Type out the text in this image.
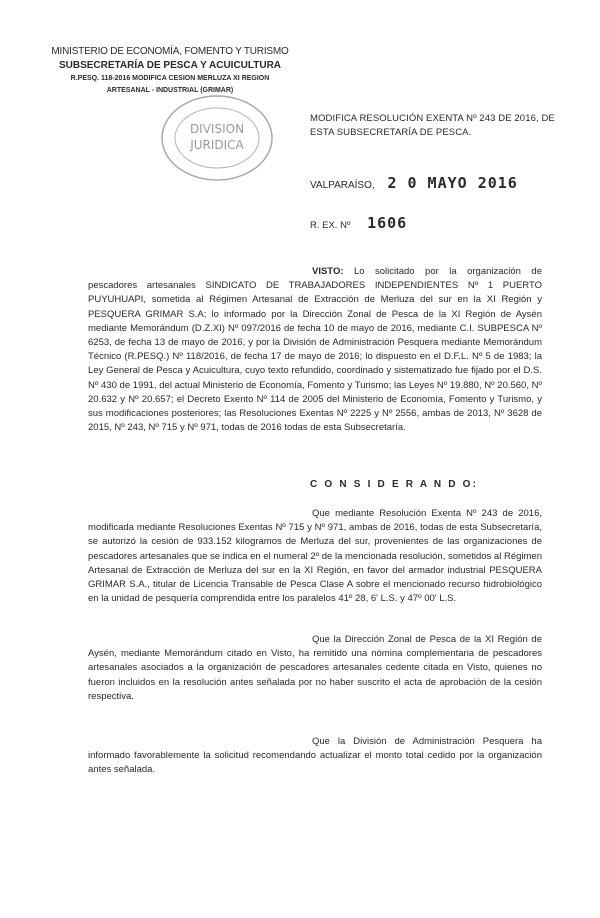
MINISTERIO DE ECONOMÍA, FOMENTO Y TURISMO
SUBSECRETARÍA DE PESCA Y ACUICULTURA
R.PESQ. 118-2016 MODIFICA CESION MERLUZA XI REGION
ARTESANAL - INDUSTRIAL (GRIMAR)
DIVISION
JURIDICA
MODIFICA RESOLUCIÓN EXENTA Nº 243 DE 2016, DE ESTA SUBSECRETARÍA DE PESCA.
VALPARAÍSO, 2 0 MAYO 2016
R. EX. Nº 1606
VISTO: Lo solicitado por la organización de pescadores artesanales SINDICATO DE TRABAJADORES INDEPENDIENTES Nº 1 PUERTO PUYUHUAPI, sometida al Régimen Artesanal de Extracción de Merluza del sur en la XI Región y PESQUERA GRIMAR S.A; lo informado por la Dirección Zonal de Pesca de la XI Región de Aysén mediante Memorándum (D.Z.XI) Nº 097/2016 de fecha 10 de mayo de 2016, mediante C.I. SUBPESCA Nº 6253, de fecha 13 de mayo de 2016, y por la División de Administración Pesquera mediante Memorándum Técnico (R.PESQ.) Nº 118/2016, de fecha 17 de mayo de 2016; lo dispuesto en el D.F.L. Nº 5 de 1983; la Ley General de Pesca y Acuicultura, cuyo texto refundido, coordinado y sistematizado fue fijado por el D.S. Nº 430 de 1991, del actual Ministerio de Economía, Fomento y Turismo; las Leyes Nº 19.880, Nº 20.560, Nº 20.632 y Nº 20.657; el Decreto Exento Nº 114 de 2005 del Ministerio de Economía, Fomento y Turismo, y sus modificaciones posteriores; las Resoluciones Exentas Nº 2225 y Nº 2556, ambas de 2013, Nº 3628 de 2015, Nº 243, Nº 715 y Nº 971, todas de 2016 todas de esta Subsecretaría.
C O N S I D E R A N D O:
Que mediante Resolución Exenta Nº 243 de 2016, modificada mediante Resoluciones Exentas Nº 715 y Nº 971, ambas de 2016, todas de esta Subsecretaría, se autorizó la cesión de 933.152 kilogramos de Merluza del sur, provenientes de las organizaciones de pescadores artesanales que se indica en el numeral 2º de la mencionada resolución, sometidos al Régimen Artesanal de Extracción de Merluza del sur en la XI Región, en favor del armador industrial PESQUERA GRIMAR S.A., titular de Licencia Transable de Pesca Clase A sobre el mencionado recurso hidrobiológico en la unidad de pesquería comprendida entre los paralelos 41º 28, 6' L.S. y 47º 00' L.S.
Que la Dirección Zonal de Pesca de la XI Región de Aysén, mediante Memorándum citado en Visto, ha remitido una nómina complementaria de pescadores artesanales asociados a la organización de pescadores artesanales cedente citada en Visto, quienes no fueron incluidos en la resolución antes señalada por no haber suscrito el acta de aprobación de la cesión respectiva.
Que la División de Administración Pesquera ha informado favorablemente la solicitud recomendando actualizar el monto total cedido por la organización antes señalada.
